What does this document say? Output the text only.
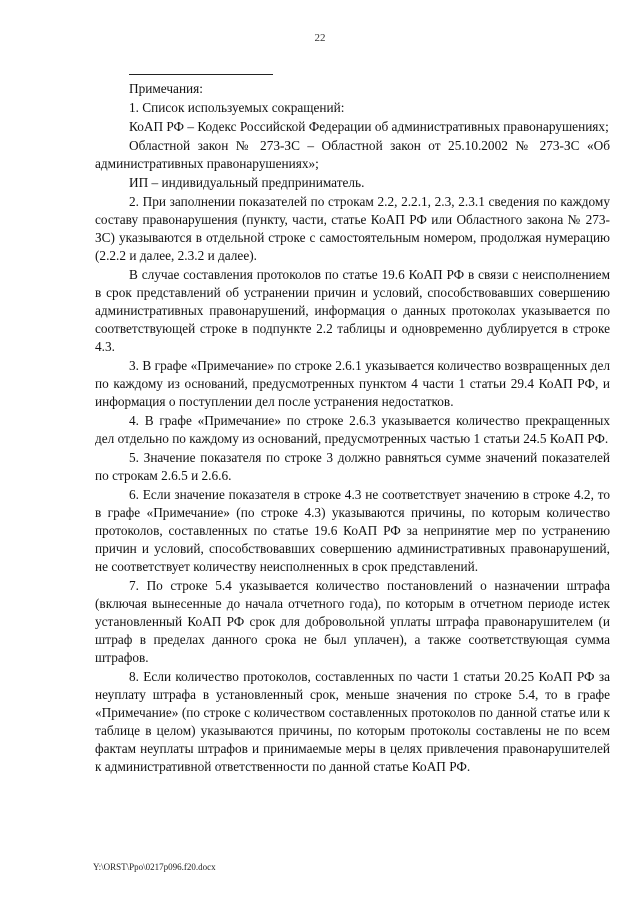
22

Примечания:

1. Список используемых сокращений:

КоАП РФ – Кодекс Российской Федерации об административных правонарушениях;

Областной закон № 273-ЗС – Областной закон от 25.10.2002 № 273-ЗС «Об административных правонарушениях»;

ИП – индивидуальный предприниматель.

2. При заполнении показателей по строкам 2.2, 2.2.1, 2.3, 2.3.1 сведения по каждому составу правонарушения (пункту, части, статье КоАП РФ или Областного закона № 273-ЗС) указываются в отдельной строке с самостоятельным номером, продолжая нумерацию (2.2.2 и далее, 2.3.2 и далее).

В случае составления протоколов по статье 19.6 КоАП РФ в связи с неисполнением в срок представлений об устранении причин и условий, способствовавших совершению административных правонарушений, информация о данных протоколах указывается по соответствующей строке в подпункте 2.2 таблицы и одновременно дублируется в строке 4.3.

3. В графе «Примечание» по строке 2.6.1 указывается количество возвращенных дел по каждому из оснований, предусмотренных пунктом 4 части 1 статьи 29.4 КоАП РФ, и информация о поступлении дел после устранения недостатков.

4. В графе «Примечание» по строке 2.6.3 указывается количество прекращенных дел отдельно по каждому из оснований, предусмотренных частью 1 статьи 24.5 КоАП РФ.

5. Значение показателя по строке 3 должно равняться сумме значений показателей по строкам 2.6.5 и 2.6.6.

6. Если значение показателя в строке 4.3 не соответствует значению в строке 4.2, то в графе «Примечание» (по строке 4.3) указываются причины, по которым количество протоколов, составленных по статье 19.6 КоАП РФ за непринятие мер по устранению причин и условий, способствовавших совершению административных правонарушений, не соответствует количеству неисполненных в срок представлений.

7. По строке 5.4 указывается количество постановлений о назначении штрафа (включая вынесенные до начала отчетного года), по которым в отчетном периоде истек установленный КоАП РФ срок для добровольной уплаты штрафа правонарушителем (и штраф в пределах данного срока не был уплачен), а также соответствующая сумма штрафов.

8. Если количество протоколов, составленных по части 1 статьи 20.25 КоАП РФ за неуплату штрафа в установленный срок, меньше значения по строке 5.4, то в графе «Примечание» (по строке с количеством составленных протоколов по данной статье или к таблице в целом) указываются причины, по которым протоколы составлены не по всем фактам неуплаты штрафов и принимаемые меры в целях привлечения правонарушителей к административной ответственности по данной статье КоАП РФ.

Y:\ORST\Ppo\0217p096.f20.docx
